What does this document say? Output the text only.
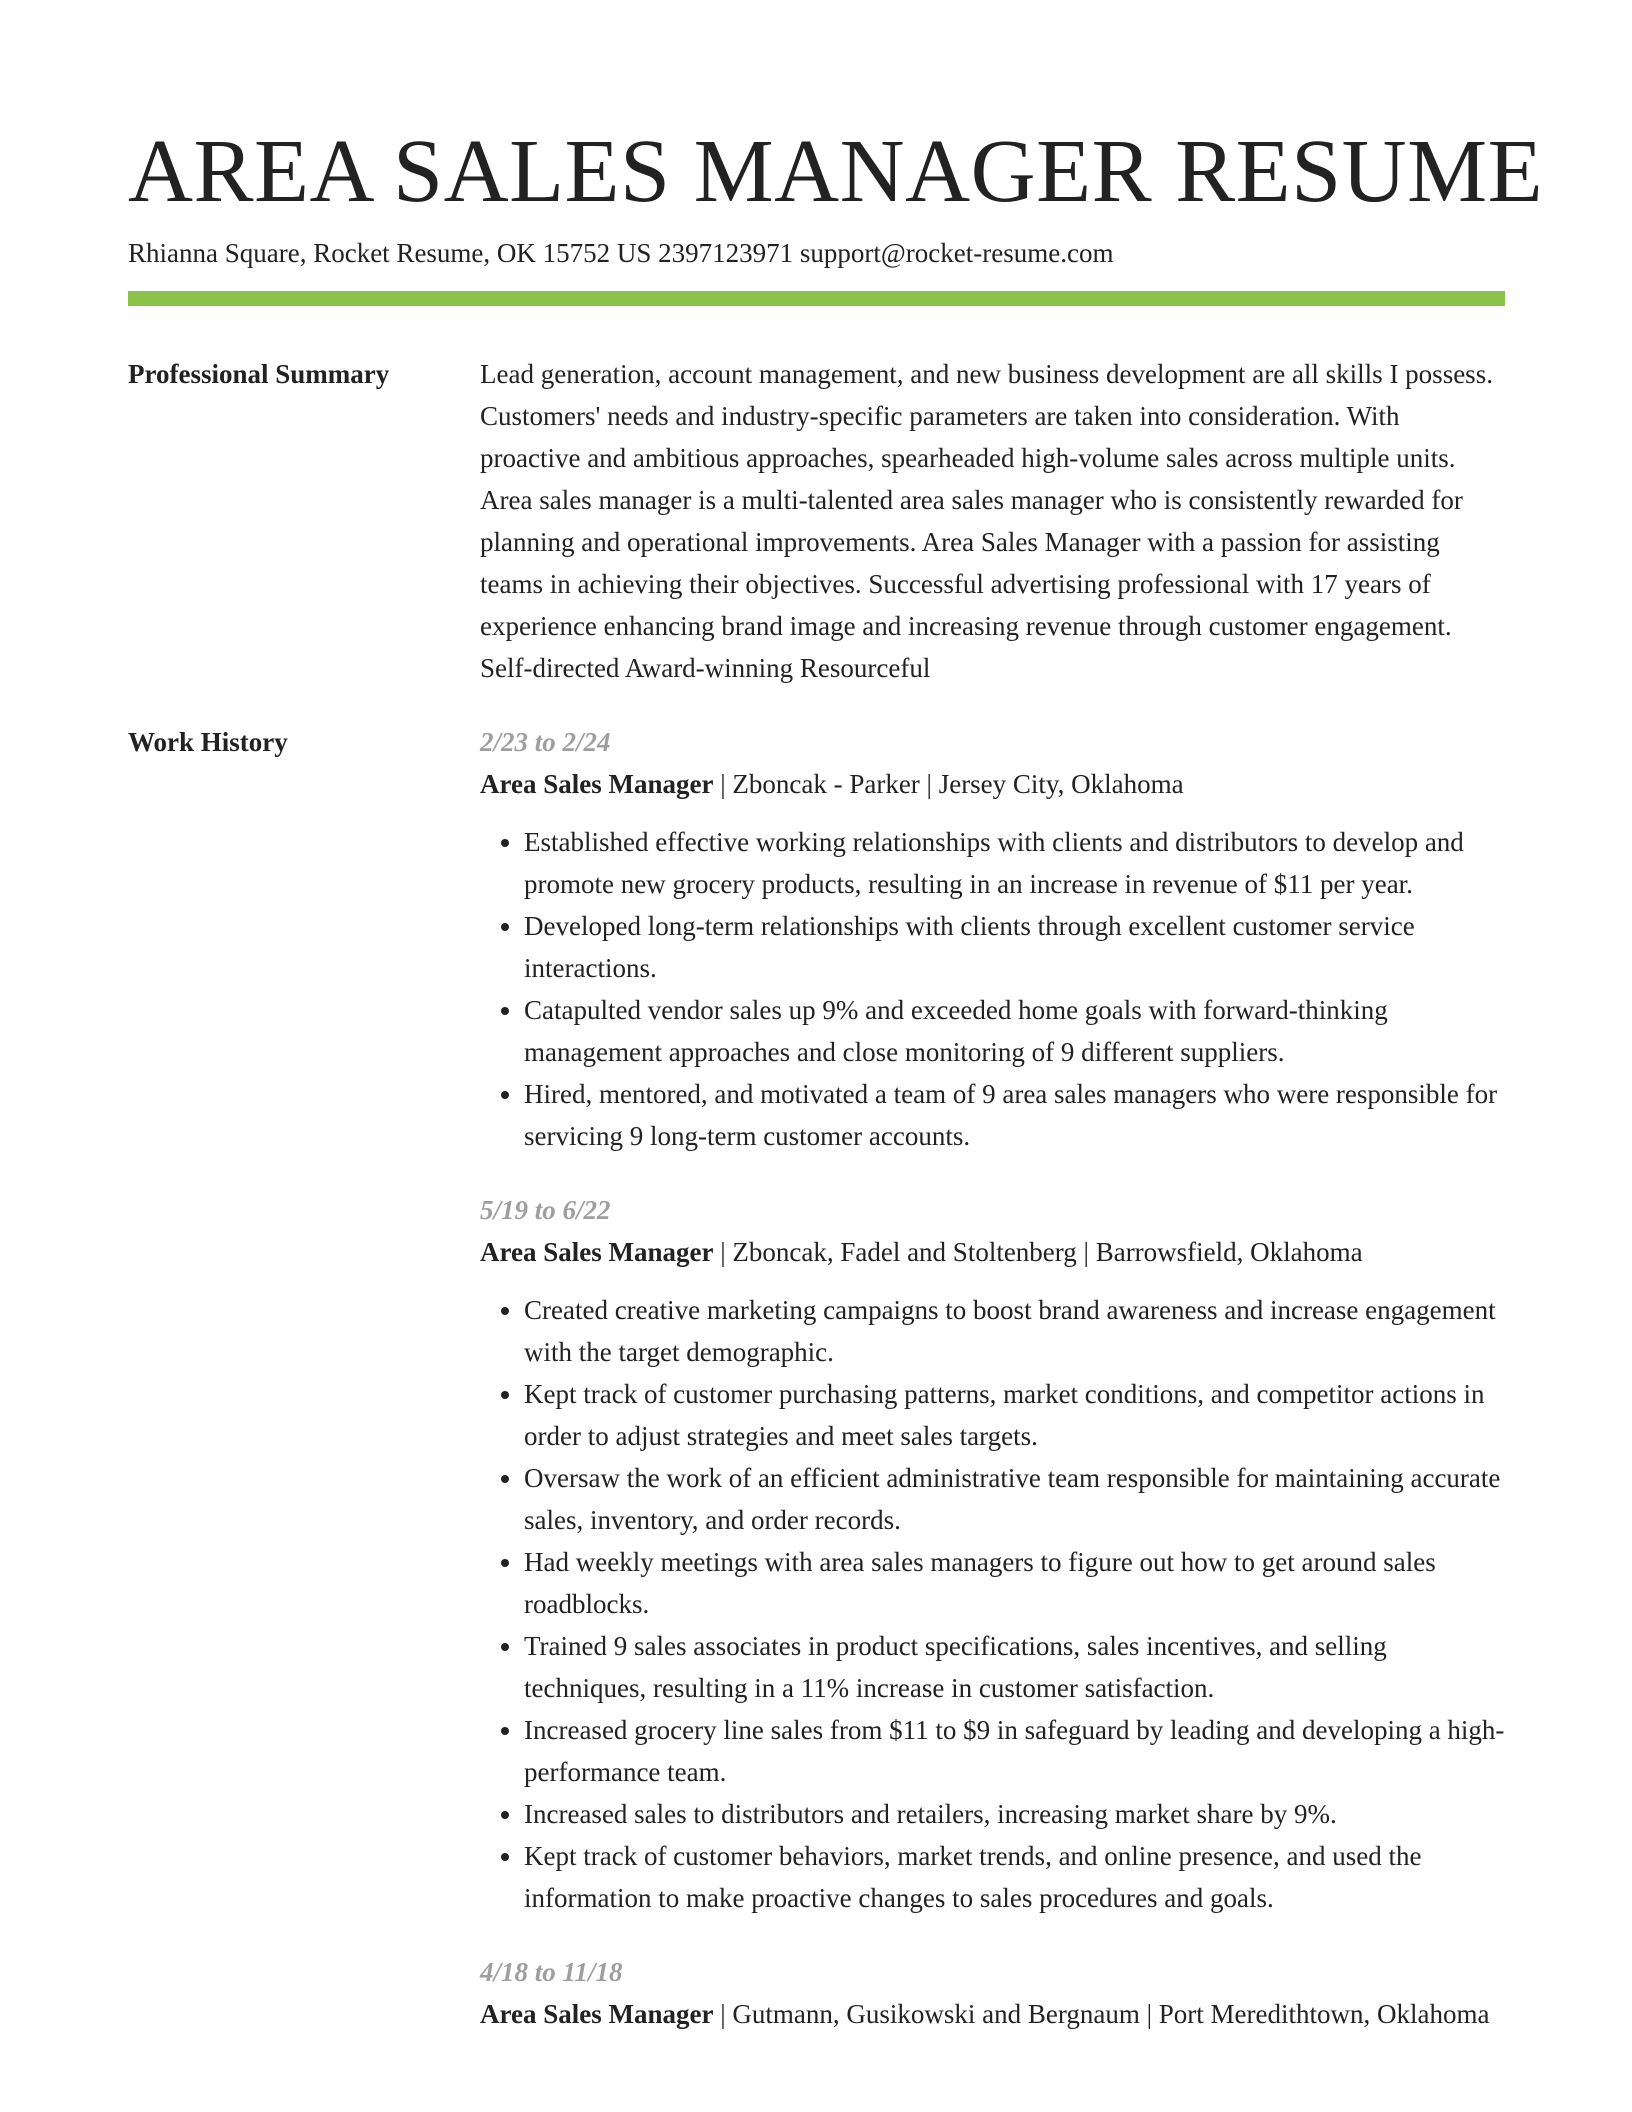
AREA SALES MANAGER RESUME
Rhianna Square, Rocket Resume, OK 15752 US 2397123971 support@rocket-resume.com
Professional Summary	Lead generation, account management, and new business development are all skills I possess. Customers' needs and industry-specific parameters are taken into consideration. With proactive and ambitious approaches, spearheaded high-volume sales across multiple units. Area sales manager is a multi-talented area sales manager who is consistently rewarded for planning and operational improvements. Area Sales Manager with a passion for assisting teams in achieving their objectives. Successful advertising professional with 17 years of experience enhancing brand image and increasing revenue through customer engagement. Self-directed Award-winning Resourceful

Work History	2/23 to 2/24
Area Sales Manager | Zboncak - Parker | Jersey City, Oklahoma
• Established effective working relationships with clients and distributors to develop and promote new grocery products, resulting in an increase in revenue of $11 per year.
• Developed long-term relationships with clients through excellent customer service interactions.
• Catapulted vendor sales up 9% and exceeded home goals with forward-thinking management approaches and close monitoring of 9 different suppliers.
• Hired, mentored, and motivated a team of 9 area sales managers who were responsible for servicing 9 long-term customer accounts.
5/19 to 6/22
Area Sales Manager | Zboncak, Fadel and Stoltenberg | Barrowsfield, Oklahoma
• Created creative marketing campaigns to boost brand awareness and increase engagement with the target demographic.
• Kept track of customer purchasing patterns, market conditions, and competitor actions in order to adjust strategies and meet sales targets.
• Oversaw the work of an efficient administrative team responsible for maintaining accurate sales, inventory, and order records.
• Had weekly meetings with area sales managers to figure out how to get around sales roadblocks.
• Trained 9 sales associates in product specifications, sales incentives, and selling techniques, resulting in a 11% increase in customer satisfaction.
• Increased grocery line sales from $11 to $9 in safeguard by leading and developing a high-performance team.
• Increased sales to distributors and retailers, increasing market share by 9%.
• Kept track of customer behaviors, market trends, and online presence, and used the information to make proactive changes to sales procedures and goals.
4/18 to 11/18
Area Sales Manager | Gutmann, Gusikowski and Bergnaum | Port Meredithtown, Oklahoma
